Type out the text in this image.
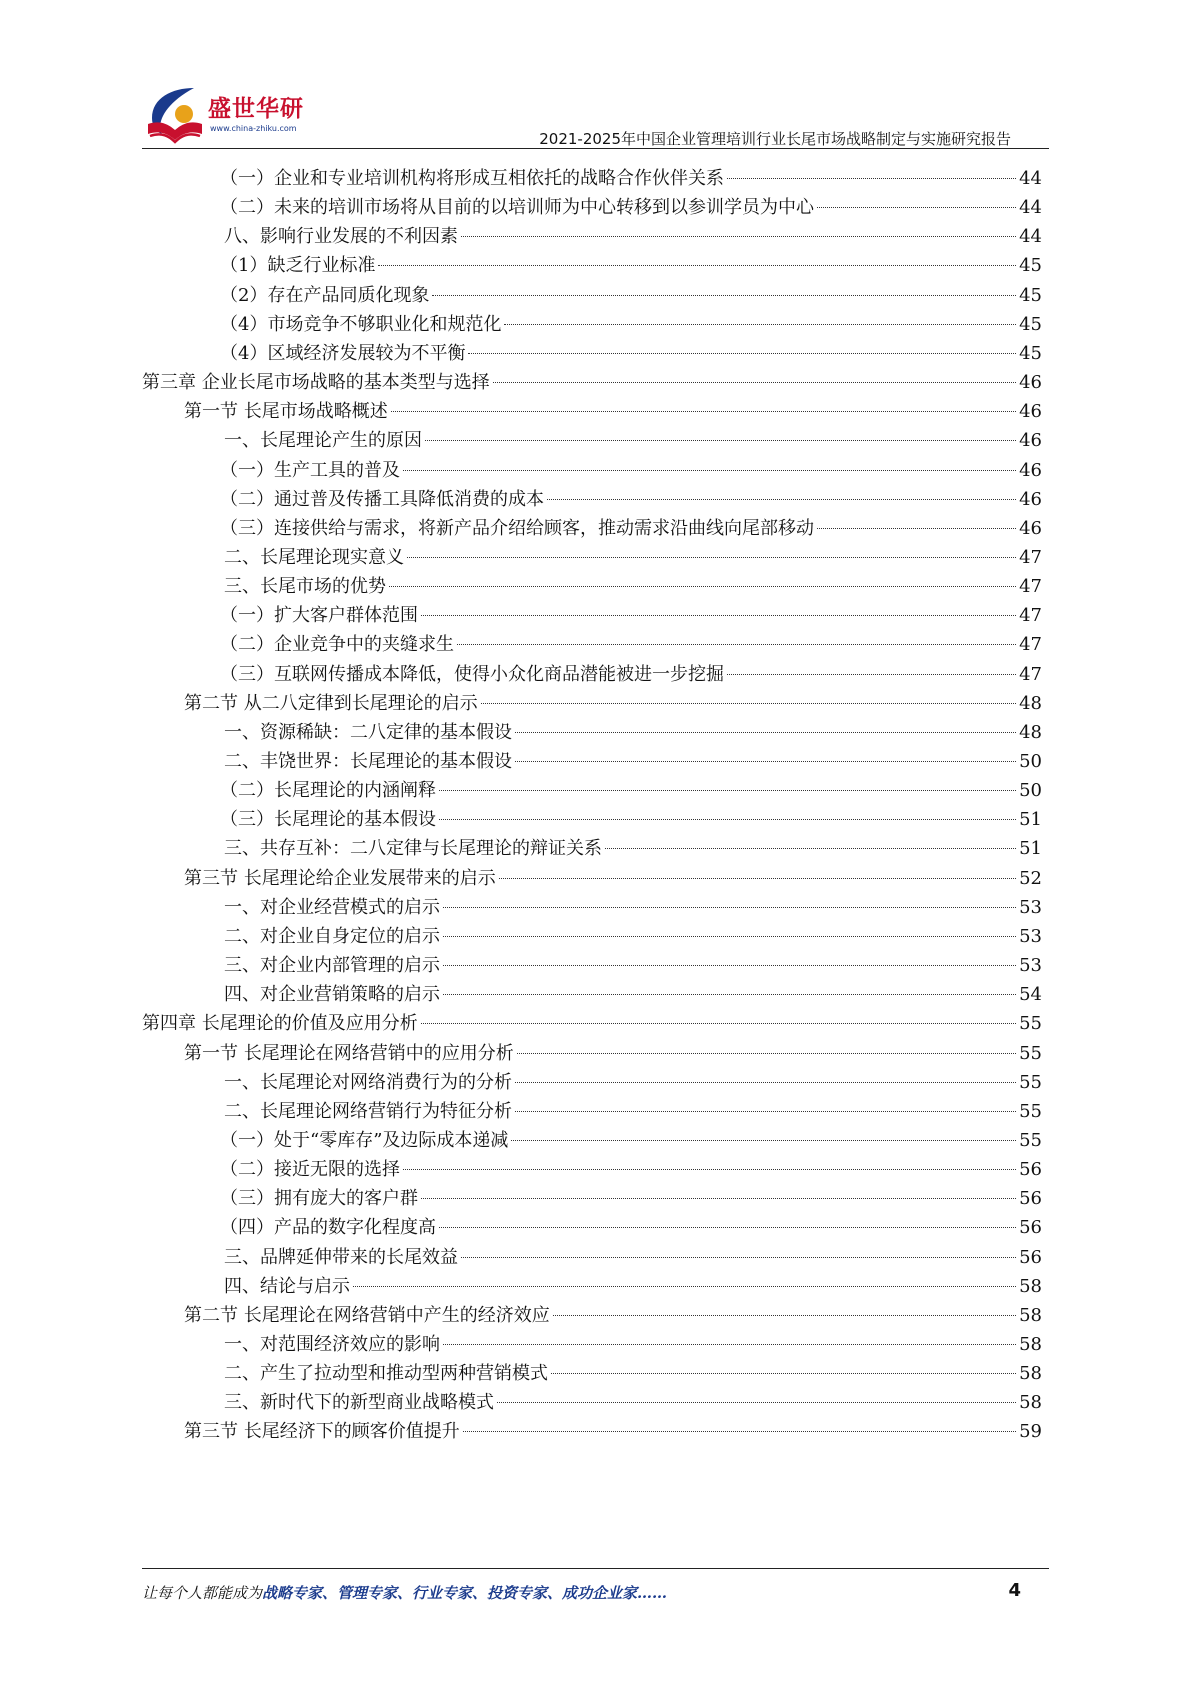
盛世华研
www.china-zhiku.com
2021-2025年中国企业管理培训行业长尾市场战略制定与实施研究报告
（一）企业和专业培训机构将形成互相依托的战略合作伙伴关系	44
（二）未来的培训市场将从目前的以培训师为中心转移到以参训学员为中心	44
八、影响行业发展的不利因素	44
（1）缺乏行业标准	45
（2）存在产品同质化现象	45
（4）市场竞争不够职业化和规范化	45
（4）区域经济发展较为不平衡	45
第三章 企业长尾市场战略的基本类型与选择	46
第一节 长尾市场战略概述	46
一、长尾理论产生的原因	46
（一）生产工具的普及	46
（二）通过普及传播工具降低消费的成本	46
（三）连接供给与需求，将新产品介绍给顾客，推动需求沿曲线向尾部移动	46
二、长尾理论现实意义	47
三、长尾市场的优势	47
（一）扩大客户群体范围	47
（二）企业竞争中的夹缝求生	47
（三）互联网传播成本降低，使得小众化商品潜能被进一步挖掘	47
第二节 从二八定律到长尾理论的启示	48
一、资源稀缺：二八定律的基本假设	48
二、丰饶世界：长尾理论的基本假设	50
（二）长尾理论的内涵阐释	50
（三）长尾理论的基本假设	51
三、共存互补：二八定律与长尾理论的辩证关系	51
第三节 长尾理论给企业发展带来的启示	52
一、对企业经营模式的启示	53
二、对企业自身定位的启示	53
三、对企业内部管理的启示	53
四、对企业营销策略的启示	54
第四章 长尾理论的价值及应用分析	55
第一节 长尾理论在网络营销中的应用分析	55
一、长尾理论对网络消费行为的分析	55
二、长尾理论网络营销行为特征分析	55
（一）处于“零库存”及边际成本递减	55
（二）接近无限的选择	56
（三）拥有庞大的客户群	56
（四）产品的数字化程度高	56
三、品牌延伸带来的长尾效益	56
四、结论与启示	58
第二节 长尾理论在网络营销中产生的经济效应	58
一、对范围经济效应的影响	58
二、产生了拉动型和推动型两种营销模式	58
三、新时代下的新型商业战略模式	58
第三节 长尾经济下的顾客价值提升	59
让每个人都能成为战略专家、管理专家、行业专家、投资专家、成功企业家……	4
